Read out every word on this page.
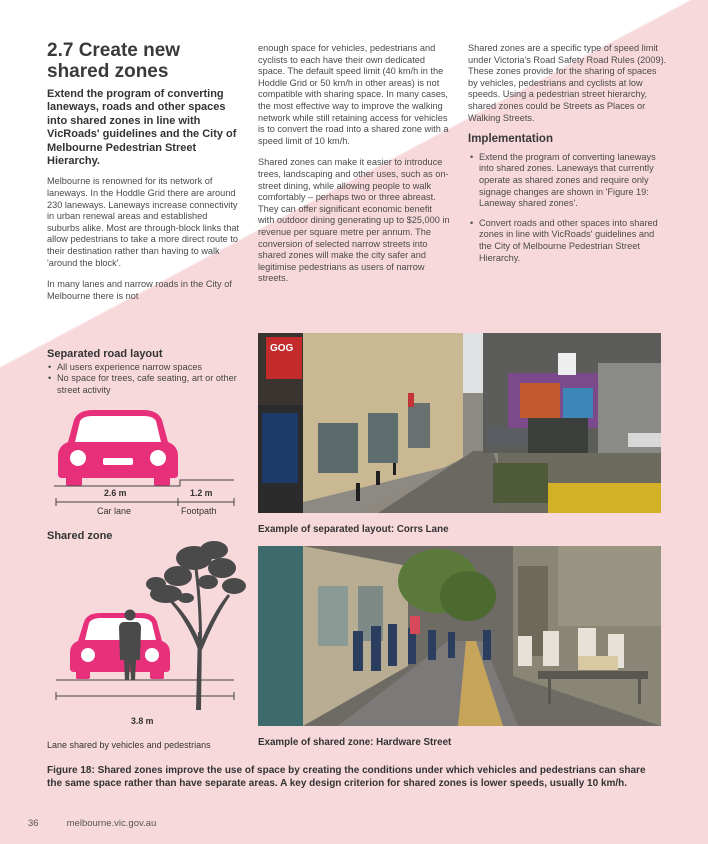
2.7 Create new
shared zones
Extend the program of converting laneways, roads and other spaces into shared zones in line with VicRoads' guidelines and the City of Melbourne Pedestrian Street Hierarchy.

Melbourne is renowned for its network of laneways. In the Hoddle Grid there are around 230 laneways. Laneways increase connectivity in urban renewal areas and established suburbs alike. Most are through-block links that allow pedestrians to take a more direct route to their destination rather than having to walk 'around the block'.

In many lanes and narrow roads in the City of Melbourne there is not

enough space for vehicles, pedestrians and cyclists to each have their own dedicated space. The default speed limit (40 km/h in the Hoddle Grid or 50 km/h in other areas) is not compatible with sharing space. In many cases, the most effective way to improve the walking network while still retaining access for vehicles is to convert the road into a shared zone with a speed limit of 10 km/h.

Shared zones can make it easier to introduce trees, landscaping and other uses, such as on-street dining, while allowing people to walk comfortably – perhaps two or three abreast. They can offer significant economic benefit with outdoor dining generating up to $25,000 in revenue per square metre per annum. The conversion of selected narrow streets into shared zones will make the city safer and legitimise pedestrians as users of narrow streets.

Shared zones are a specific type of speed limit under Victoria's Road Safety Road Rules (2009). These zones provide for the sharing of spaces by vehicles, pedestrians and cyclists at low speeds. Using a pedestrian street hierarchy, shared zones could be Streets as Places or Walking Streets.

Implementation
• Extend the program of converting laneways into shared zones. Laneways that currently operate as shared zones and require only signage changes are shown in 'Figure 19: Laneway shared zones'.
• Convert roads and other spaces into shared zones in line with VicRoads' guidelines and the City of Melbourne Pedestrian Street Hierarchy.
Separated road layout
• All users experience narrow spaces
• No space for trees, cafe seating, art or other street activity
2.6 m	1.2 m
Car lane	Footpath
Shared zone
3.8 m
Lane shared by vehicles and pedestrians
GOG
Example of separated layout: Corrs Lane
Example of shared zone: Hardware Street
Figure 18: Shared zones improve the use of space by creating the conditions under which vehicles and pedestrians can share the same space rather than have separate areas. A key design criterion for shared zones is lower speeds, usually 10 km/h.
36	melbourne.vic.gov.au
